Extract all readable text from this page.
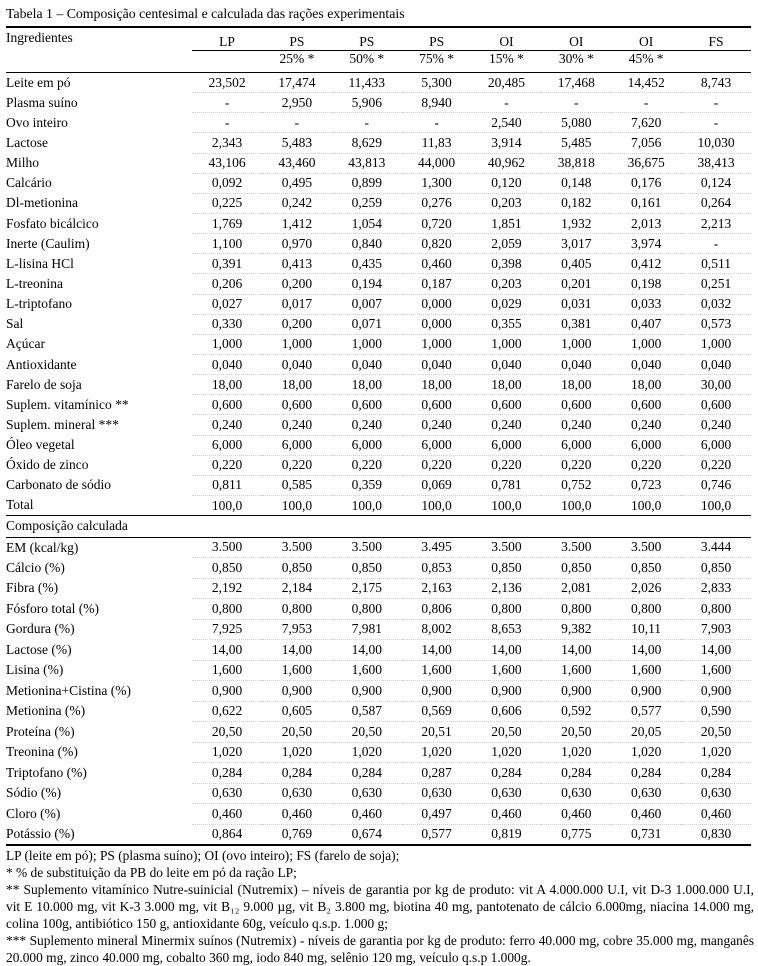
Tabela 1 – Composição centesimal e calculada das rações experimentais
Ingredientes	LP	PS	PS	PS	OI	OI	OI	FS
		25% *	50% *	75% *	15% *	30% *	45% *	
Leite em pó	23,502	17,474	11,433	5,300	20,485	17,468	14,452	8,743
Plasma suíno	-	2,950	5,906	8,940	-	-	-	-
Ovo inteiro	-	-	-	-	2,540	5,080	7,620	-
Lactose	2,343	5,483	8,629	11,83	3,914	5,485	7,056	10,030
Milho	43,106	43,460	43,813	44,000	40,962	38,818	36,675	38,413
Calcário	0,092	0,495	0,899	1,300	0,120	0,148	0,176	0,124
Dl-metionina	0,225	0,242	0,259	0,276	0,203	0,182	0,161	0,264
Fosfato bicálcico	1,769	1,412	1,054	0,720	1,851	1,932	2,013	2,213
Inerte (Caulim)	1,100	0,970	0,840	0,820	2,059	3,017	3,974	-
L-lisina HCl	0,391	0,413	0,435	0,460	0,398	0,405	0,412	0,511
L-treonina	0,206	0,200	0,194	0,187	0,203	0,201	0,198	0,251
L-triptofano	0,027	0,017	0,007	0,000	0,029	0,031	0,033	0,032
Sal	0,330	0,200	0,071	0,000	0,355	0,381	0,407	0,573
Açúcar	1,000	1,000	1,000	1,000	1,000	1,000	1,000	1,000
Antioxidante	0,040	0,040	0,040	0,040	0,040	0,040	0,040	0,040
Farelo de soja	18,00	18,00	18,00	18,00	18,00	18,00	18,00	30,00
Suplem. vitamínico **	0,600	0,600	0,600	0,600	0,600	0,600	0,600	0,600
Suplem. mineral ***	0,240	0,240	0,240	0,240	0,240	0,240	0,240	0,240
Óleo vegetal	6,000	6,000	6,000	6,000	6,000	6,000	6,000	6,000
Óxido de zinco	0,220	0,220	0,220	0,220	0,220	0,220	0,220	0,220
Carbonato de sódio	0,811	0,585	0,359	0,069	0,781	0,752	0,723	0,746
Total	100,0	100,0	100,0	100,0	100,0	100,0	100,0	100,0
Composição calculada								
EM (kcal/kg)	3.500	3.500	3.500	3.495	3.500	3.500	3.500	3.444
Cálcio (%)	0,850	0,850	0,850	0,853	0,850	0,850	0,850	0,850
Fibra (%)	2,192	2,184	2,175	2,163	2,136	2,081	2,026	2,833
Fósforo total (%)	0,800	0,800	0,800	0,806	0,800	0,800	0,800	0,800
Gordura (%)	7,925	7,953	7,981	8,002	8,653	9,382	10,11	7,903
Lactose (%)	14,00	14,00	14,00	14,00	14,00	14,00	14,00	14,00
Lisina (%)	1,600	1,600	1,600	1,600	1,600	1,600	1,600	1,600
Metionina+Cistina (%)	0,900	0,900	0,900	0,900	0,900	0,900	0,900	0,900
Metionina (%)	0,622	0,605	0,587	0,569	0,606	0,592	0,577	0,590
Proteína (%)	20,50	20,50	20,50	20,51	20,50	20,50	20,05	20,50
Treonina (%)	1,020	1,020	1,020	1,020	1,020	1,020	1,020	1,020
Triptofano (%)	0,284	0,284	0,284	0,287	0,284	0,284	0,284	0,284
Sódio (%)	0,630	0,630	0,630	0,630	0,630	0,630	0,630	0,630
Cloro (%)	0,460	0,460	0,460	0,497	0,460	0,460	0,460	0,460
Potássio (%)	0,864	0,769	0,674	0,577	0,819	0,775	0,731	0,830
LP (leite em pó); PS (plasma suíno); OI (ovo inteiro); FS (farelo de soja);
* % de substituição da PB do leite em pó da ração LP;
** Suplemento vitamínico Nutre-suinicial (Nutremix) – níveis de garantia por kg de produto: vit A 4.000.000 U.I, vit D-3 1.000.000 U.I, vit E 10.000 mg, vit K-3 3.000 mg, vit B₁₂ 9.000 µg, vit B₂ 3.800 mg, biotina 40 mg, pantotenato de cálcio 6.000mg, niacina 14.000 mg, colina 100g, antibiótico 150 g, antioxidante 60g, veículo q.s.p. 1.000 g;
*** Suplemento mineral Minermix suínos (Nutremix) - níveis de garantia por kg de produto: ferro 40.000 mg, cobre 35.000 mg, manganês 20.000 mg, zinco 40.000 mg, cobalto 360 mg, iodo 840 mg, selênio 120 mg, veículo q.s.p 1.000g.
